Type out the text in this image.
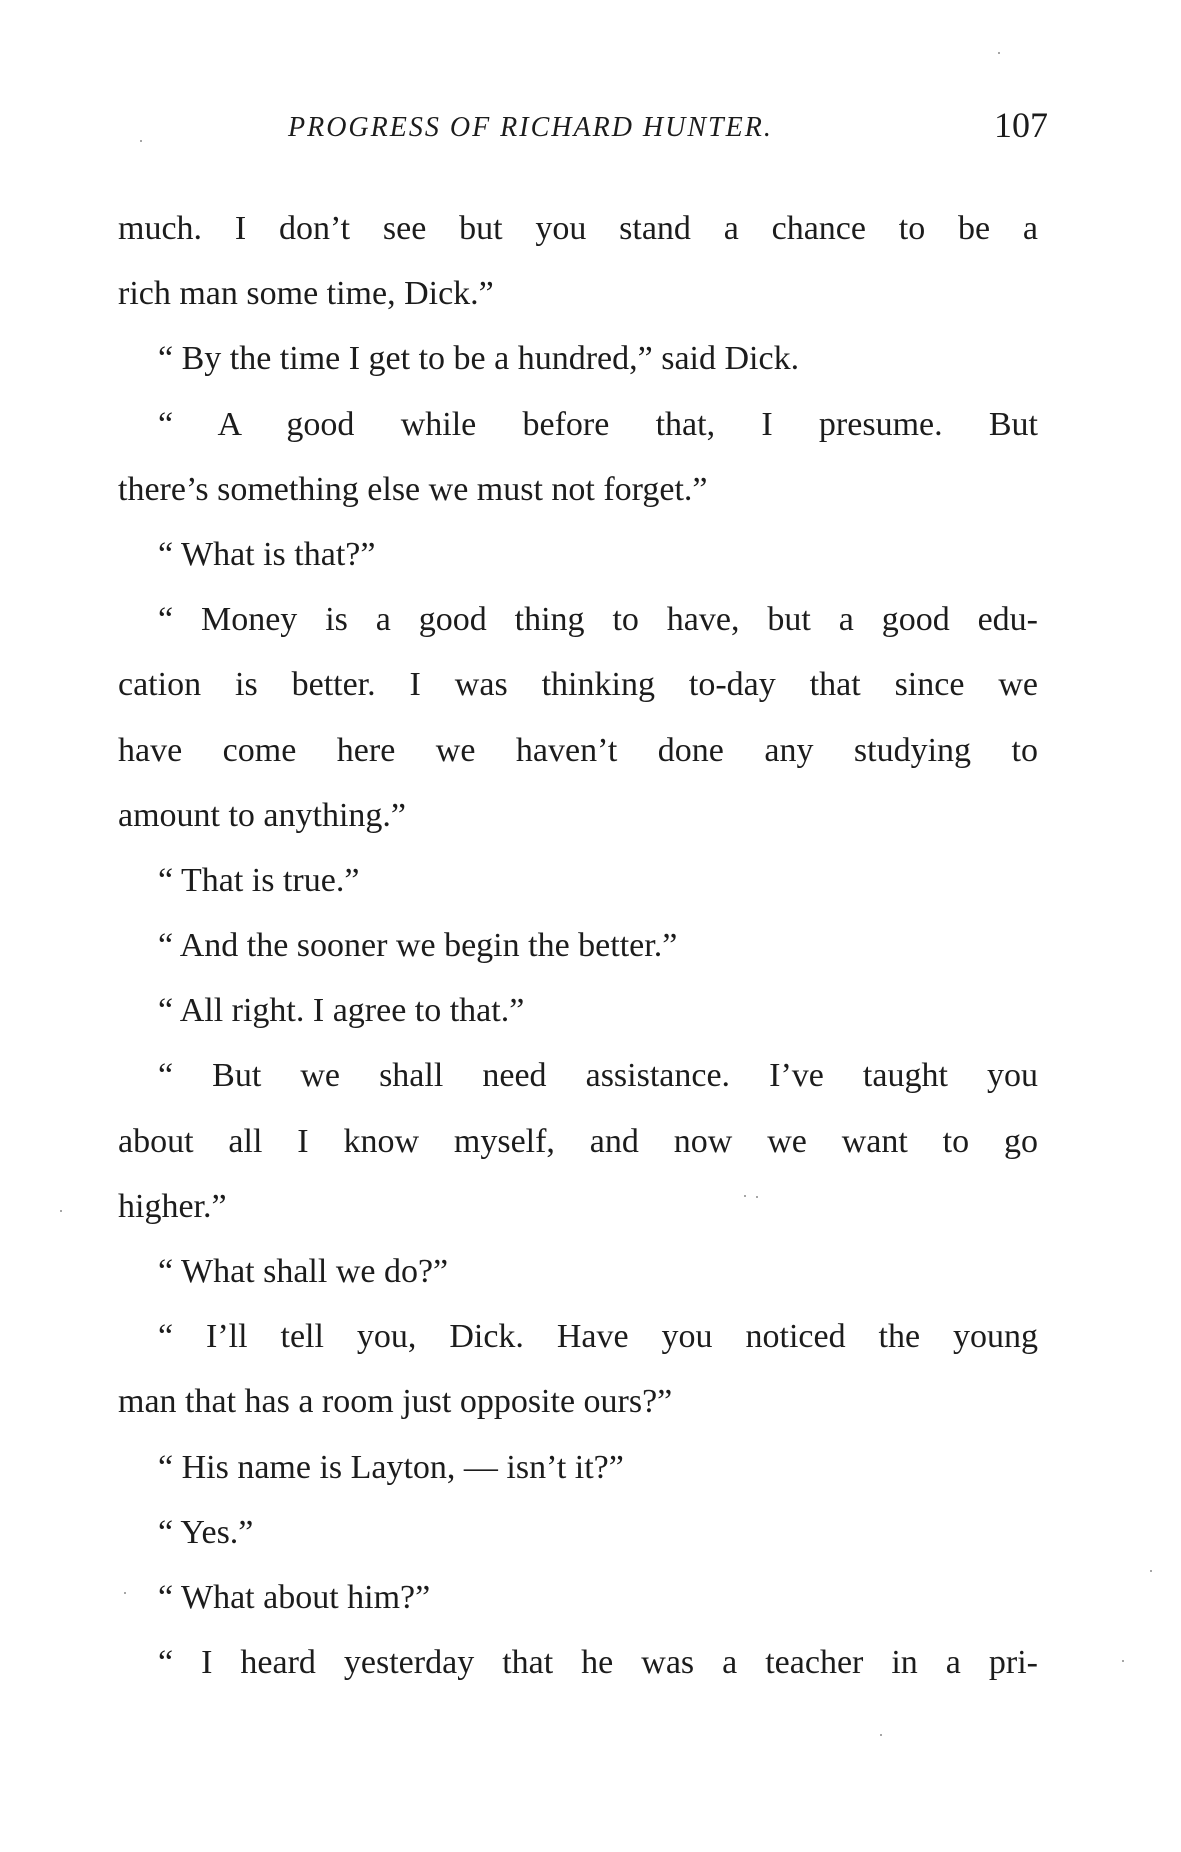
PROGRESS OF RICHARD HUNTER.	107
much. I don’t see but you stand a chance to be a
rich man some time, Dick.”
“ By the time I get to be a hundred,” said Dick.
“ A good while before that, I presume. But
there’s something else we must not forget.”
“ What is that?”
“ Money is a good thing to have, but a good edu-
cation is better. I was thinking to-day that since we
have come here we haven’t done any studying to
amount to anything.”
“ That is true.”
“ And the sooner we begin the better.”
“ All right. I agree to that.”
“ But we shall need assistance. I’ve taught you
about all I know myself, and now we want to go
higher.”
“ What shall we do?”
“ I’ll tell you, Dick. Have you noticed the young
man that has a room just opposite ours?”
“ His name is Layton, — isn’t it?”
“ Yes.”
“ What about him?”
“ I heard yesterday that he was a teacher in a pri-
